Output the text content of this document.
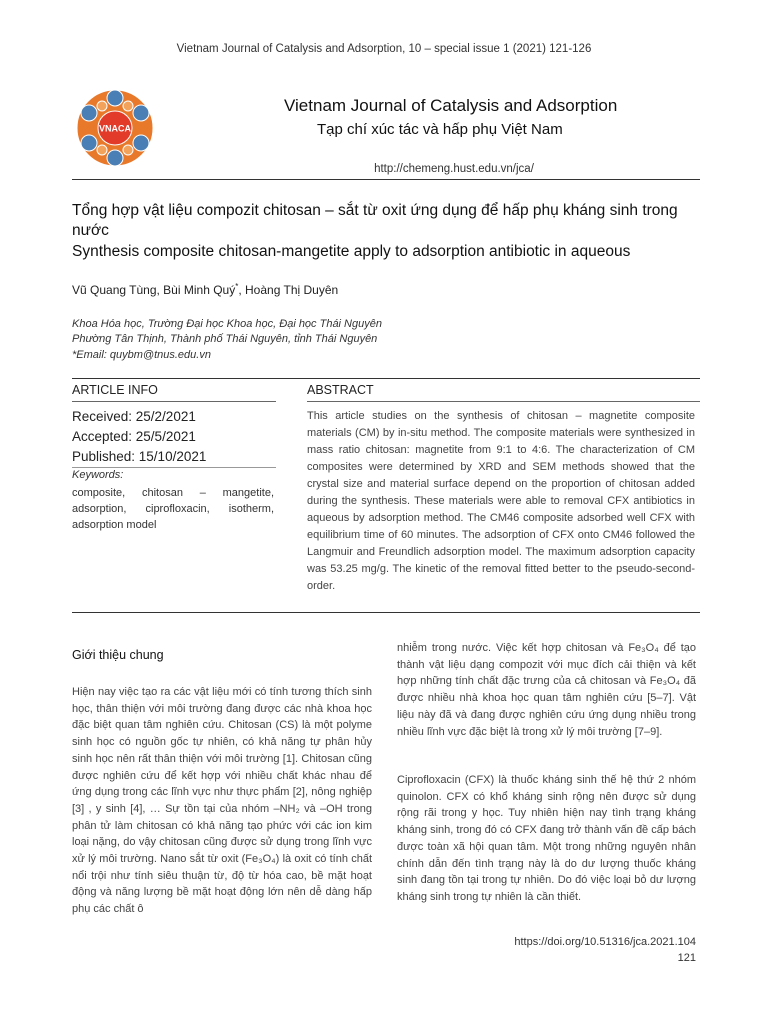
Vietnam Journal of Catalysis and Adsorption, 10 – special issue 1 (2021) 121-126
VNACA
Vietnam Journal of Catalysis and Adsorption
Tạp chí xúc tác và hấp phụ Việt Nam
http://chemeng.hust.edu.vn/jca/
Tổng hợp vật liệu compozit chitosan – sắt từ oxit ứng dụng để hấp phụ kháng sinh trong nước
Synthesis composite chitosan-mangetite apply to adsorption antibiotic in aqueous
Vũ Quang Tùng, Bùi Minh Quý*, Hoàng Thị Duyên
Khoa Hóa học, Trường Đại học Khoa học, Đại học Thái Nguyên
Phường Tân Thịnh, Thành phố Thái Nguyên, tỉnh Thái Nguyên
*Email: quybm@tnus.edu.vn
ARTICLE INFO	ABSTRACT
Received: 25/2/2021
Accepted: 25/5/2021
Published: 15/10/2021
Keywords:
composite, chitosan – mangetite, adsorption, ciprofloxacin, isotherm, adsorption model
This article studies on the synthesis of chitosan – magnetite composite materials (CM) by in-situ method. The composite materials were synthesized in mass ratio chitosan: magnetite from 9:1 to 4:6. The characterization of CM composites were determined by XRD and SEM methods showed that the crystal size and material surface depend on the proportion of chitosan added during the synthesis. These materials were able to removal CFX antibiotics in aqueous by adsorption method. The CM46 composite adsorbed well CFX with equilibrium time of 60 minutes. The adsorption of CFX onto CM46 followed the Langmuir and Freundlich adsorption model. The maximum adsorption capacity was 53.25 mg/g. The kinetic of the removal fitted better to the pseudo-second-order.
Giới thiệu chung
Hiện nay việc tạo ra các vật liệu mới có tính tương thích sinh học, thân thiện với môi trường đang được các nhà khoa học đặc biệt quan tâm nghiên cứu. Chitosan (CS) là một polyme sinh học có nguồn gốc tự nhiên, có khả năng tự phân hủy sinh học nên rất thân thiện với môi trường [1]. Chitosan cũng được nghiên cứu để kết hợp với nhiều chất khác nhau để ứng dụng trong các lĩnh vực như thực phẩm [2], nông nghiệp [3] , y sinh [4], … Sự tồn tại của nhóm –NH₂ và –OH trong phân tử làm chitosan có khả năng tạo phức với các ion kim loại nặng, do vậy chitosan cũng được sử dụng trong lĩnh vực xử lý môi trường. Nano sắt từ oxit (Fe₃O₄) là oxit có tính chất nổi trội như tính siêu thuận từ, độ từ hóa cao, bề mặt hoạt động và năng lượng bề mặt hoạt động lớn nên dễ dàng hấp phụ các chất ô
nhiễm trong nước. Việc kết hợp chitosan và Fe₃O₄ để tạo thành vật liệu dạng compozit với mục đích cải thiện và kết hợp những tính chất đặc trưng của cả chitosan và Fe₃O₄ đã được nhiều nhà khoa học quan tâm nghiên cứu [5–7]. Vật liệu này đã và đang được nghiên cứu ứng dụng nhiều trong nhiều lĩnh vực đặc biệt là trong xử lý môi trường [7–9].
Ciprofloxacin (CFX) là thuốc kháng sinh thế hệ thứ 2 nhóm quinolon. CFX có khổ kháng sinh rộng nên được sử dụng rộng rãi trong y học. Tuy nhiên hiện nay tình trạng kháng kháng sinh, trong đó có CFX đang trở thành vấn đề cấp bách được toàn xã hội quan tâm. Một trong những nguyên nhân chính dẫn đến tình trạng này là do dư lượng thuốc kháng sinh đang tồn tại trong tự nhiên. Do đó việc loại bỏ dư lượng kháng sinh trong tự nhiên là cần thiết.
https://doi.org/10.51316/jca.2021.104
121
